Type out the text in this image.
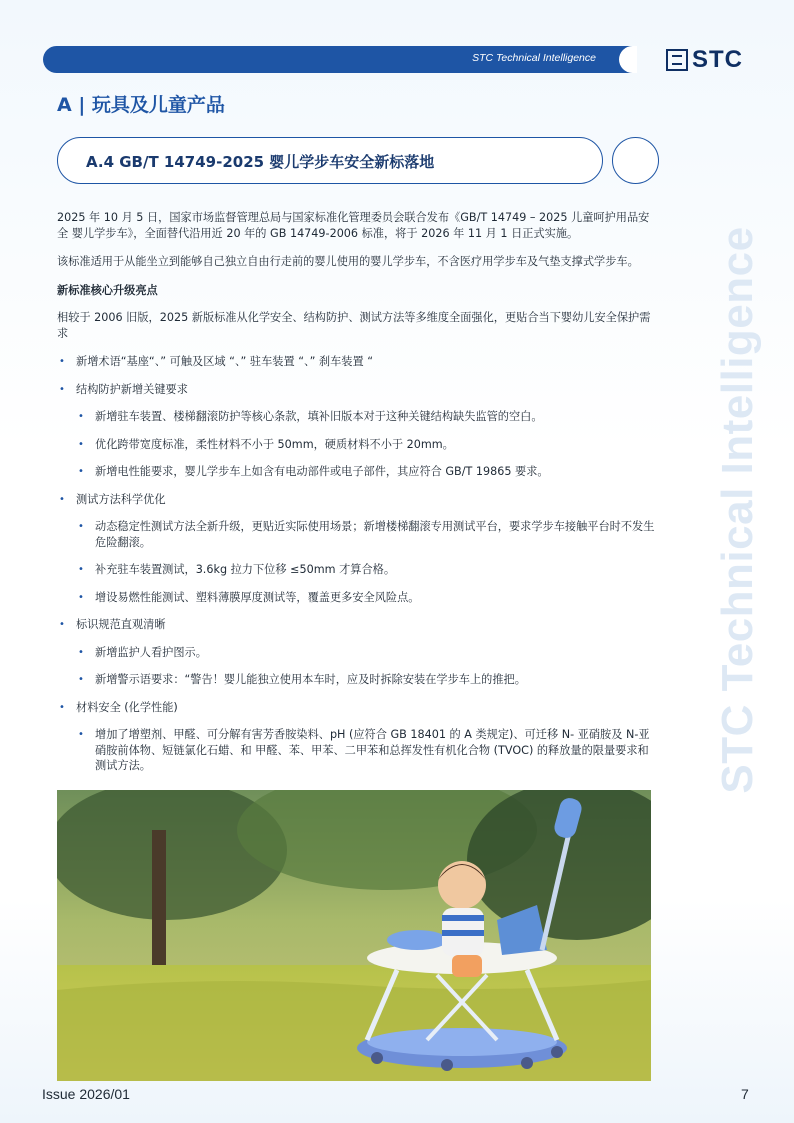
STC Technical Intelligence	STC
A | 玩具及儿童产品
A.4 GB/T 14749-2025 婴儿学步车安全新标落地
STC Technical Intelligence

2025 年 10 月 5 日，国家市场监督管理总局与国家标准化管理委员会联合发布《GB/T 14749 – 2025 儿童呵护用品安全 婴儿学步车》，全面替代沿用近 20 年的 GB 14749-2006 标准，将于 2026 年 11 月 1 日正式实施。

该标准适用于从能坐立到能够自己独立自由行走前的婴儿使用的婴儿学步车，不含医疗用学步车及气垫支撑式学步车。

新标准核心升级亮点

相较于 2006 旧版，2025 新版标准从化学安全、结构防护、测试方法等多维度全面强化，更贴合当下婴幼儿安全保护需求

• 新增术语“基座“、” 可触及区域 “、” 驻车装置 “、” 刹车装置 “
• 结构防护新增关键要求
• 新增驻车装置、楼梯翻滚防护等核心条款，填补旧版本对于这种关键结构缺失监管的空白。
• 优化跨带宽度标准，柔性材料不小于 50mm，硬质材料不小于 20mm。
• 新增电性能要求，婴儿学步车上如含有电动部件或电子部件，其应符合 GB/T 19865 要求。
• 测试方法科学优化
• 动态稳定性测试方法全新升级，更贴近实际使用场景；新增楼梯翻滚专用测试平台，要求学步车接触平台时不发生危险翻滚。
• 补充驻车装置测试，3.6kg 拉力下位移 ≤50mm 才算合格。
• 增设易燃性能测试、塑料薄膜厚度测试等，覆盖更多安全风险点。
• 标识规范直观清晰
• 新增监护人看护图示。
• 新增警示语要求：“警告！婴儿能独立使用本车时，应及时拆除安装在学步车上的推把。
• 材料安全 (化学性能)
• 增加了增塑剂、甲醛、可分解有害芳香胺染料、pH (应符合 GB 18401 的 A 类规定)、可迁移 N- 亚硝胺及 N-亚硝胺前体物、短链氯化石蜡、和 甲醛、苯、甲苯、二甲苯和总挥发性有机化合物 (TVOC) 的释放量的限量要求和测试方法。
Issue 2026/01	7
